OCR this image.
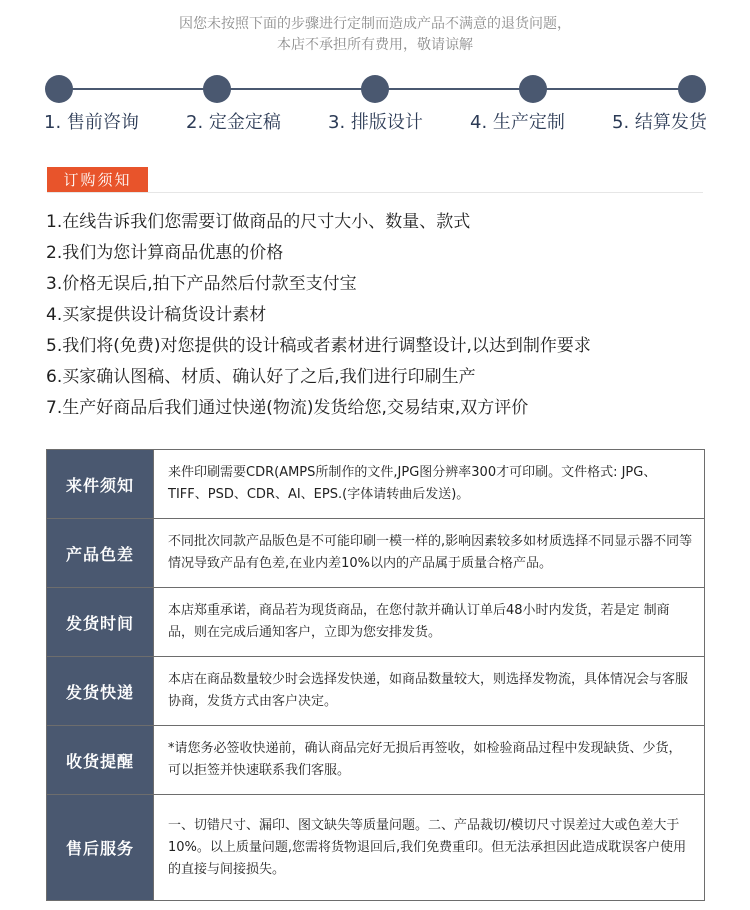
因您未按照下面的步骤进行定制而造成产品不满意的退货问题，
本店不承担所有费用，敬请谅解
1. 售前咨询	2. 定金定稿	3. 排版设计	4. 生产定制	5. 结算发货
订购须知
1.在线告诉我们您需要订做商品的尺寸大小、数量、款式
2.我们为您计算商品优惠的价格
3.价格无误后,拍下产品然后付款至支付宝
4.买家提供设计稿货设计素材
5.我们将(免费)对您提供的设计稿或者素材进行调整设计,以达到制作要求
6.买家确认图稿、材质、确认好了之后,我们进行印刷生产
7.生产好商品后我们通过快递(物流)发货给您,交易结束,双方评价
来件须知	来件印刷需要CDR(AMPS所制作的文件,JPG图分辨率300才可印刷。文件格式: JPG、TIFF、PSD、CDR、AI、EPS.(字体请转曲后发送)。
产品色差	不同批次同款产品版色是不可能印刷一模一样的,影响因素较多如材质选择不同显示器不同等情况导致产品有色差,在业内差10%以内的产品属于质量合格产品。
发货时间	本店郑重承诺，商品若为现货商品，在您付款并确认订单后48小时内发货，若是定 制商品，则在完成后通知客户，立即为您安排发货。
发货快递	本店在商品数量较少时会选择发快递，如商品数量较大，则选择发物流，具体情况会与客服协商，发货方式由客户决定。
收货提醒	*请您务必签收快递前，确认商品完好无损后再签收，如检验商品过程中发现缺货、少货，可以拒签并快速联系我们客服。
售后服务	一、切错尺寸、漏印、图文缺失等质量问题。二、产品裁切/模切尺寸误差过大或色差大于10%。以上质量问题,您需将货物退回后,我们免费重印。但无法承担因此造成耽误客户使用的直接与间接损失。
